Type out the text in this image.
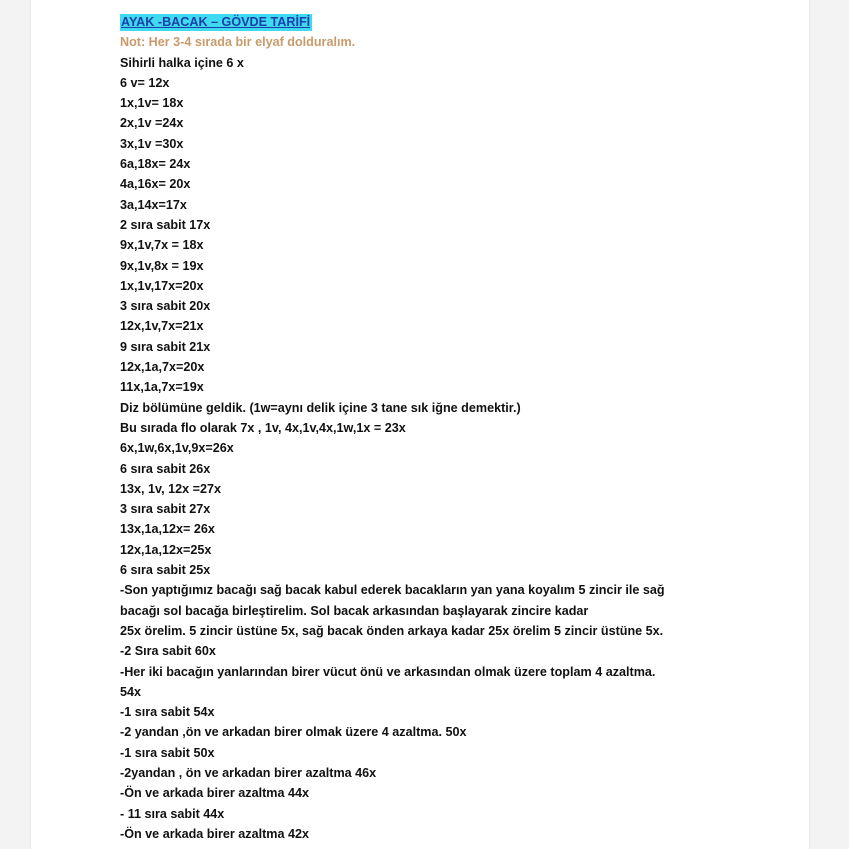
AYAK -BACAK – GÖVDE TARİFİ
Not: Her 3-4 sırada bir elyaf dolduralım.
Sihirli halka içine 6 x
6 v= 12x
1x,1v= 18x
2x,1v =24x
3x,1v =30x
6a,18x= 24x
4a,16x= 20x
3a,14x=17x
2 sıra sabit 17x
9x,1v,7x = 18x
9x,1v,8x = 19x
1x,1v,17x=20x
3 sıra sabit 20x
12x,1v,7x=21x
9 sıra sabit 21x
12x,1a,7x=20x
11x,1a,7x=19x
Diz bölümüne geldik. (1w=aynı delik içine 3 tane sık iğne demektir.)
Bu sırada flo olarak 7x , 1v, 4x,1v,4x,1w,1x = 23x
6x,1w,6x,1v,9x=26x
6 sıra sabit 26x
13x, 1v, 12x =27x
3 sıra sabit 27x
13x,1a,12x= 26x
12x,1a,12x=25x
6 sıra sabit 25x
-Son yaptığımız bacağı sağ bacak kabul ederek bacakların yan yana koyalım 5 zincir ile sağ
bacağı sol bacağa birleştirelim. Sol bacak arkasından başlayarak zincire kadar
25x örelim. 5 zincir üstüne 5x, sağ bacak önden arkaya kadar 25x örelim 5 zincir üstüne 5x.
-2 Sıra sabit 60x
-Her iki bacağın yanlarından birer vücut önü ve arkasından olmak üzere toplam 4 azaltma.
54x
-1 sıra sabit 54x
-2 yandan ,ön ve arkadan birer olmak üzere 4 azaltma. 50x
-1 sıra sabit 50x
-2yandan , ön ve arkadan birer azaltma 46x
-Ön ve arkada birer azaltma 44x
- 11 sıra sabit 44x
-Ön ve arkada birer azaltma 42x
